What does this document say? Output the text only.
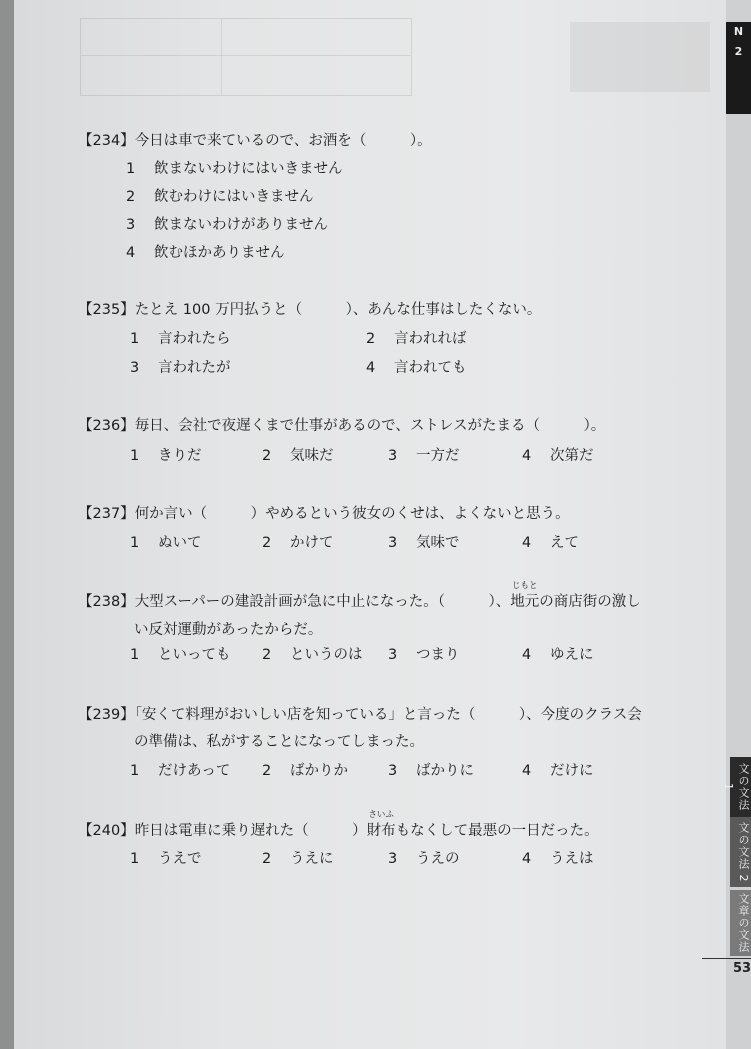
【234】今日は車で来ているので、お酒を（　　　）。
1 飲まないわけにはいきません
2 飲むわけにはいきません
3 飲まないわけがありません
4 飲むほかありません
【235】たとえ 100 万円払うと（　　　）、あんな仕事はしたくない。
1 言われたら	2 言われれば
3 言われたが	4 言われても
【236】毎日、会社で夜遅くまで仕事があるので、ストレスがたまる（　　　）。
1 きりだ	2 気味だ	3 一方だ	4 次第だ
【237】何か言い（　　　）やめるという彼女のくせは、よくないと思う。
1 ぬいて	2 かけて	3 気味で	4 えて
【238】大型スーパーの建設計画が急に中止になった。（　　　）、
じもと
地元の商店街の激し
い反対運動があったからだ。
1 といっても 2 というのは 3 つまり	4 ゆえに
【239】「安くて料理がおいしい店を知っている」と言った（　　　）、今度のクラス会
の準備は、私がすることになってしまった。
1 だけあって 2 ばかりか	3 ばかりに	4 だけに
【240】昨日は電車に乗り遅れた（　　　）
さいふ
財布もなくして最悪の一日だった。
1 うえで	2 うえに	3 うえの	4 うえは
N
2
文の文法 1
文の文法 2
文章の文法
53
